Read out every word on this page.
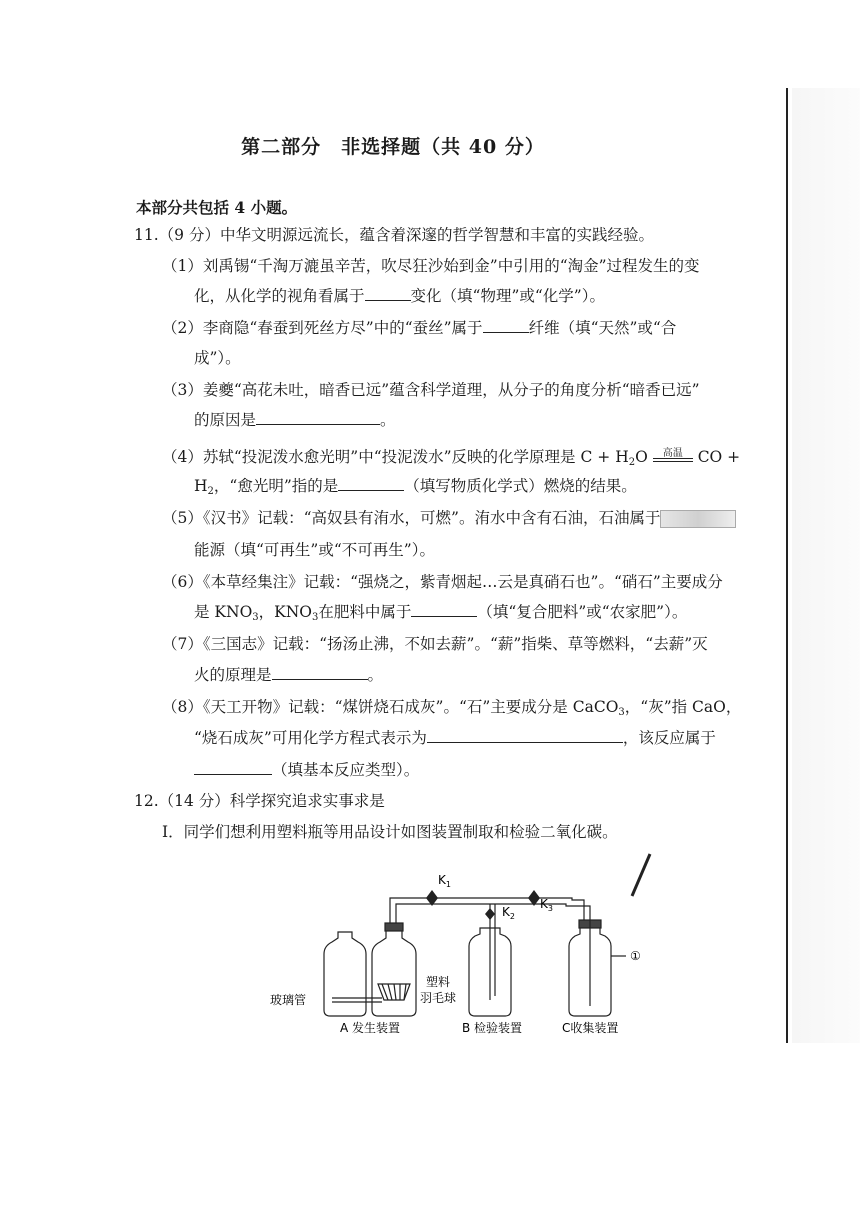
第二部分　非选择题（共 40 分）
本部分共包括 4 小题。
11.（9 分）中华文明源远流长，蕴含着深邃的哲学智慧和丰富的实践经验。
（1）刘禹锡“千淘万漉虽辛苦，吹尽狂沙始到金”中引用的“淘金”过程发生的变
化，从化学的视角看属于	变化（填“物理”或“化学”）。
（2）李商隐“春蚕到死丝方尽”中的“蚕丝”属于	纤维（填“天然”或“合
成”）。
（3）姜夔“高花未吐，暗香已远”蕴含科学道理，从分子的角度分析“暗香已远”
的原因是	。
（4）苏轼“投泥泼水愈光明”中“投泥泼水”反映的化学原理是 $C + H_2O$	高温 CO +
$H_2$，“愈光明”指的是	（填写物质化学式）燃烧的结果。
（5）《汉书》记载：“高奴县有洧水，可燃”。洧水中含有石油，石油属于
能源（填“可再生”或“不可再生”）。
（6）《本草经集注》记载：“强烧之，紫青烟起…云是真硝石也”。“硝石”主要成分
是 $KNO_3$，$KNO_3$在肥料中属于	（填“复合肥料”或“农家肥”）。
（7）《三国志》记载：“扬汤止沸，不如去薪”。“薪”指柴、草等燃料，“去薪”灭
火的原理是	。
（8）《天工开物》记载：“煤饼烧石成灰”。“石”主要成分是 CaCO$_3$，“灰”指 CaO，
“烧石成灰”可用化学方程式表示为	，该反应属于
（填基本反应类型）。
12.（14 分）科学探究追求实事求是
Ⅰ．同学们想利用塑料瓶等用品设计如图装置制取和检验二氧化碳。
$K_1$
$K_2$
$K_3$
①
玻璃管
塑料
羽毛球
A 发生装置	B 检验装置	C收集装置
